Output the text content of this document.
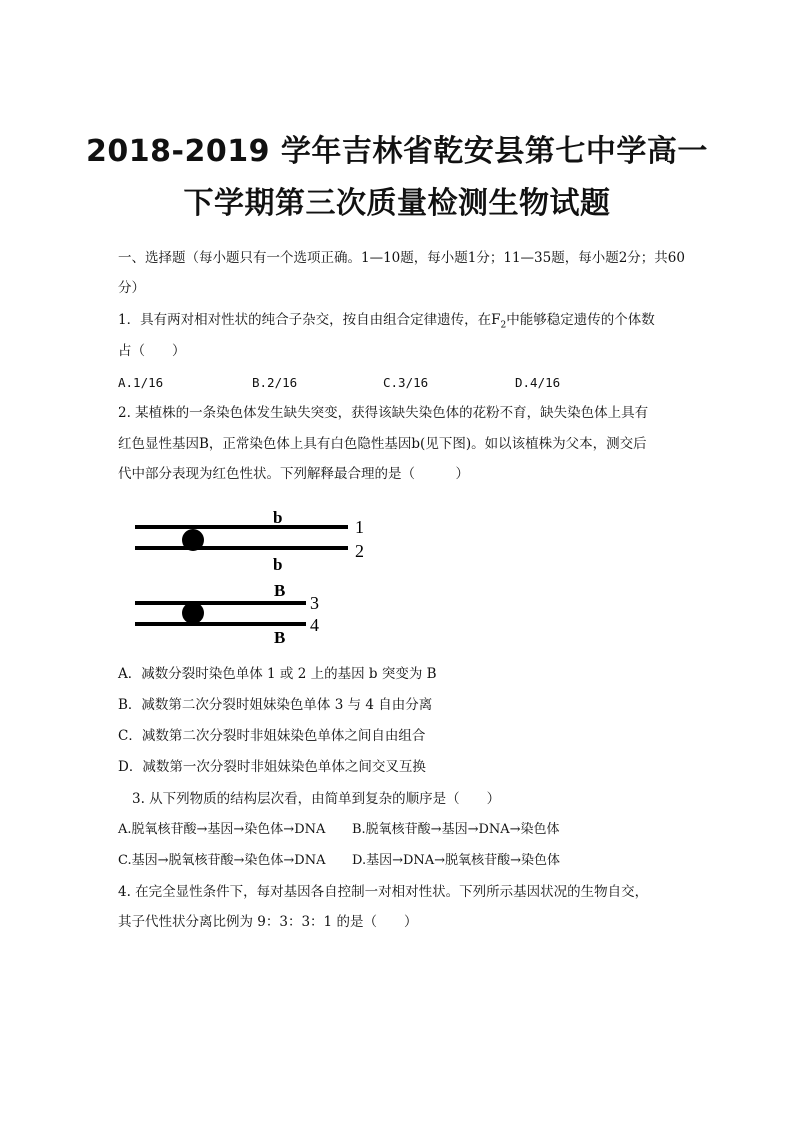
2018-2019 学年吉林省乾安县第七中学高一
下学期第三次质量检测生物试题
一、选择题（每小题只有一个选项正确。1—10题，每小题1分；11—35题，每小题2分；共60
分）
1．具有两对相对性状的纯合子杂交，按自由组合定律遗传，在$F_2$中能够稳定遗传的个体数
占（　　）
A.1/16	B.2/16	C.3/16	D.4/16
2. 某植株的一条染色体发生缺失突变，获得该缺失染色体的花粉不育，缺失染色体上具有
红色显性基因B，正常染色体上具有白色隐性基因b(见下图)。如以该植株为父本，测交后
代中部分表现为红色性状。下列解释最合理的是（　　　）
b
b
1
2
B
B
3
4
A．减数分裂时染色单体 1 或 2 上的基因 b 突变为 B
B．减数第二次分裂时姐妹染色单体 3 与 4 自由分离
C．减数第二次分裂时非姐妹染色单体之间自由组合
D．减数第一次分裂时非姐妹染色单体之间交叉互换
3. 从下列物质的结构层次看，由简单到复杂的顺序是（　　）
A.脱氧核苷酸→基因→染色体→DNA B.脱氧核苷酸→基因→DNA→染色体
C.基因→脱氧核苷酸→染色体→DNA D.基因→DNA→脱氧核苷酸→染色体
4. 在完全显性条件下，每对基因各自控制一对相对性状。下列所示基因状况的生物自交，
其子代性状分离比例为 9：3：3：1 的是（　　）
